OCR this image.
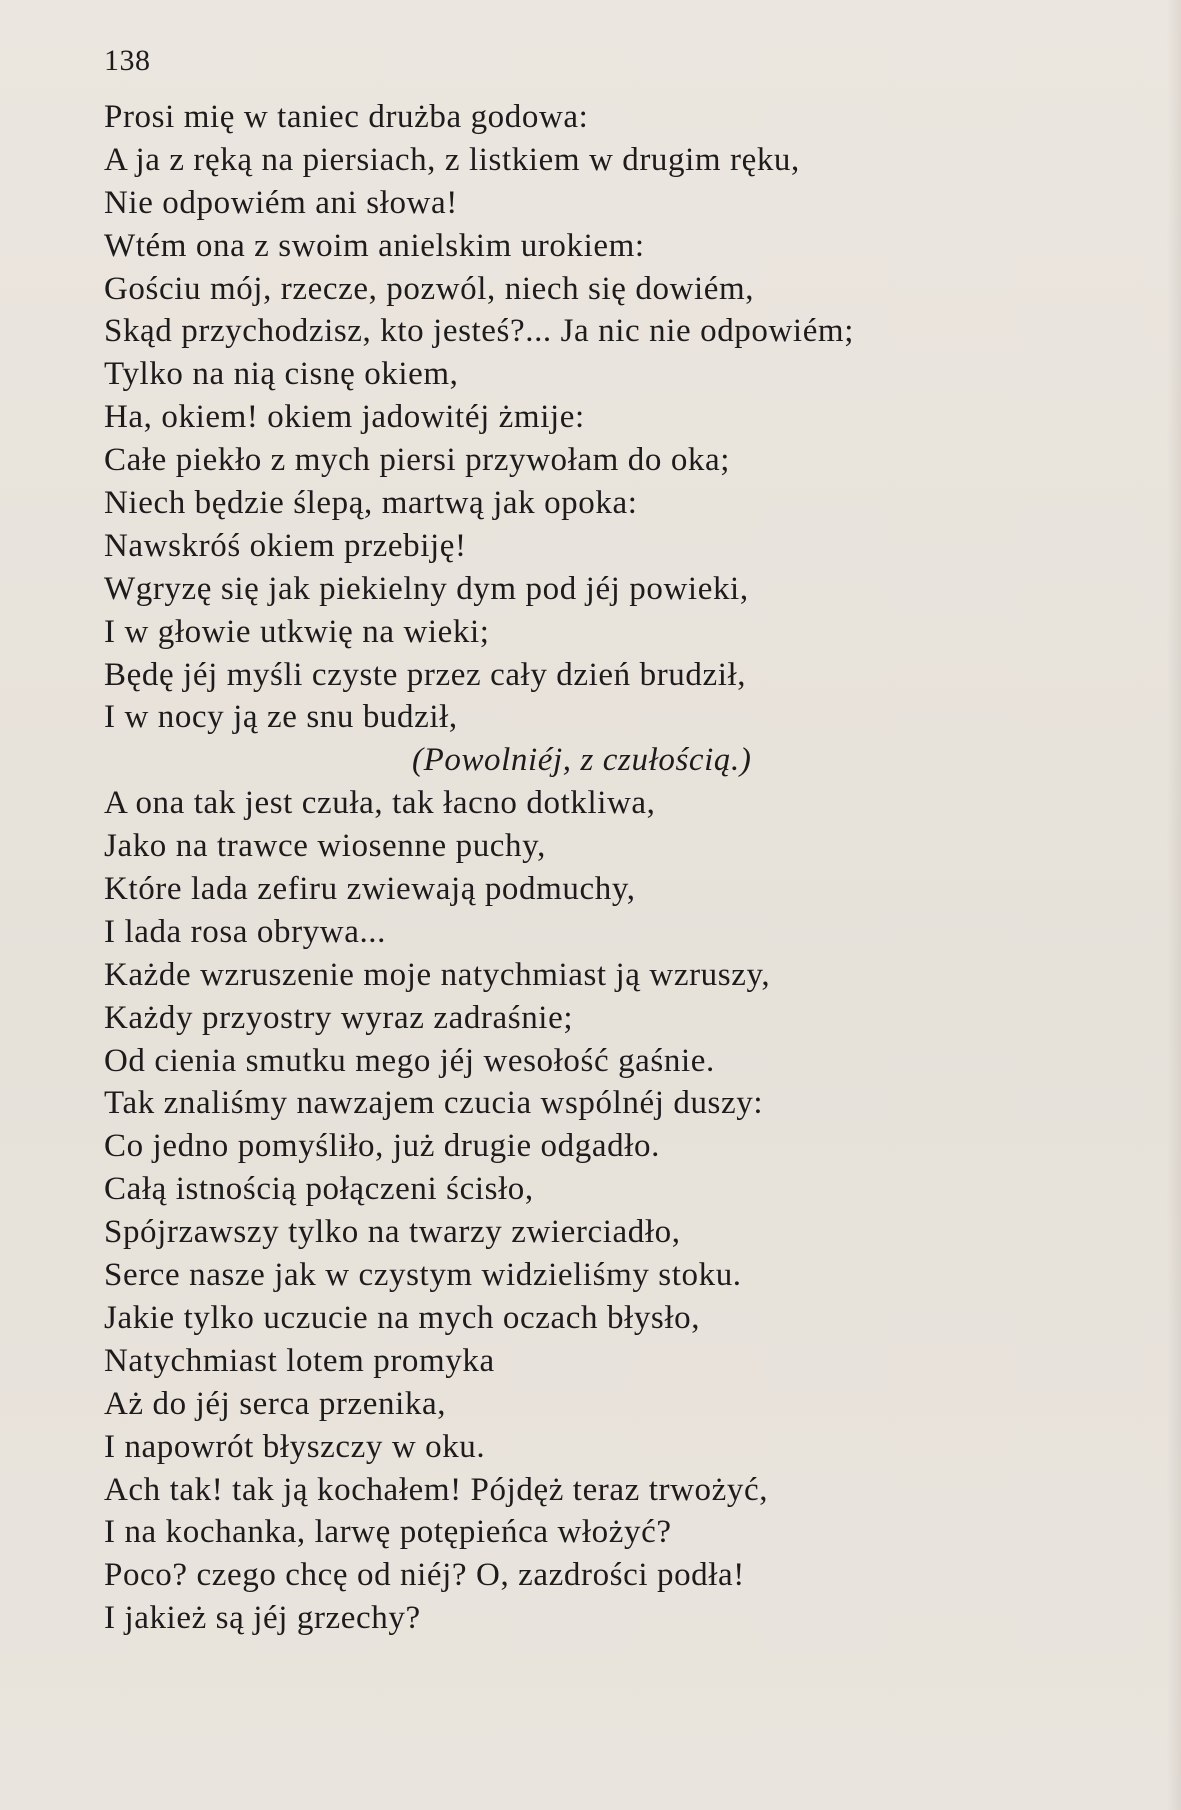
138
Prosi mię w taniec drużba godowa:
A ja z ręką na piersiach, z listkiem w drugim ręku,
Nie odpowiém ani słowa!
Wtém ona z swoim anielskim urokiem:
Gościu mój, rzecze, pozwól, niech się dowiém,
Skąd przychodzisz, kto jesteś?... Ja nic nie odpowiém;
Tylko na nią cisnę okiem,
Ha, okiem! okiem jadowitéj żmije:
Całe piekło z mych piersi przywołam do oka;
Niech będzie ślepą, martwą jak opoka:
Nawskróś okiem przebiję!
Wgryzę się jak piekielny dym pod jéj powieki,
I w głowie utkwię na wieki;
Będę jéj myśli czyste przez cały dzień brudził,
I w nocy ją ze snu budził,
(Powolniéj, z czułością.)
A ona tak jest czuła, tak łacno dotkliwa,
Jako na trawce wiosenne puchy,
Które lada zefiru zwiewają podmuchy,
I lada rosa obrywa...
Każde wzruszenie moje natychmiast ją wzruszy,
Każdy przyostry wyraz zadraśnie;
Od cienia smutku mego jéj wesołość gaśnie.
Tak znaliśmy nawzajem czucia wspólnéj duszy:
Co jedno pomyśliło, już drugie odgadło.
Całą istnością połączeni ścisło,
Spójrzawszy tylko na twarzy zwierciadło,
Serce nasze jak w czystym widzieliśmy stoku.
Jakie tylko uczucie na mych oczach błysło,
Natychmiast lotem promyka
Aż do jéj serca przenika,
I napowrót błyszczy w oku.
Ach tak! tak ją kochałem! Pójdęż teraz trwożyć,
I na kochanka, larwę potępieńca włożyć?
Poco? czego chcę od niéj? O, zazdrości podła!
I jakież są jéj grzechy?
